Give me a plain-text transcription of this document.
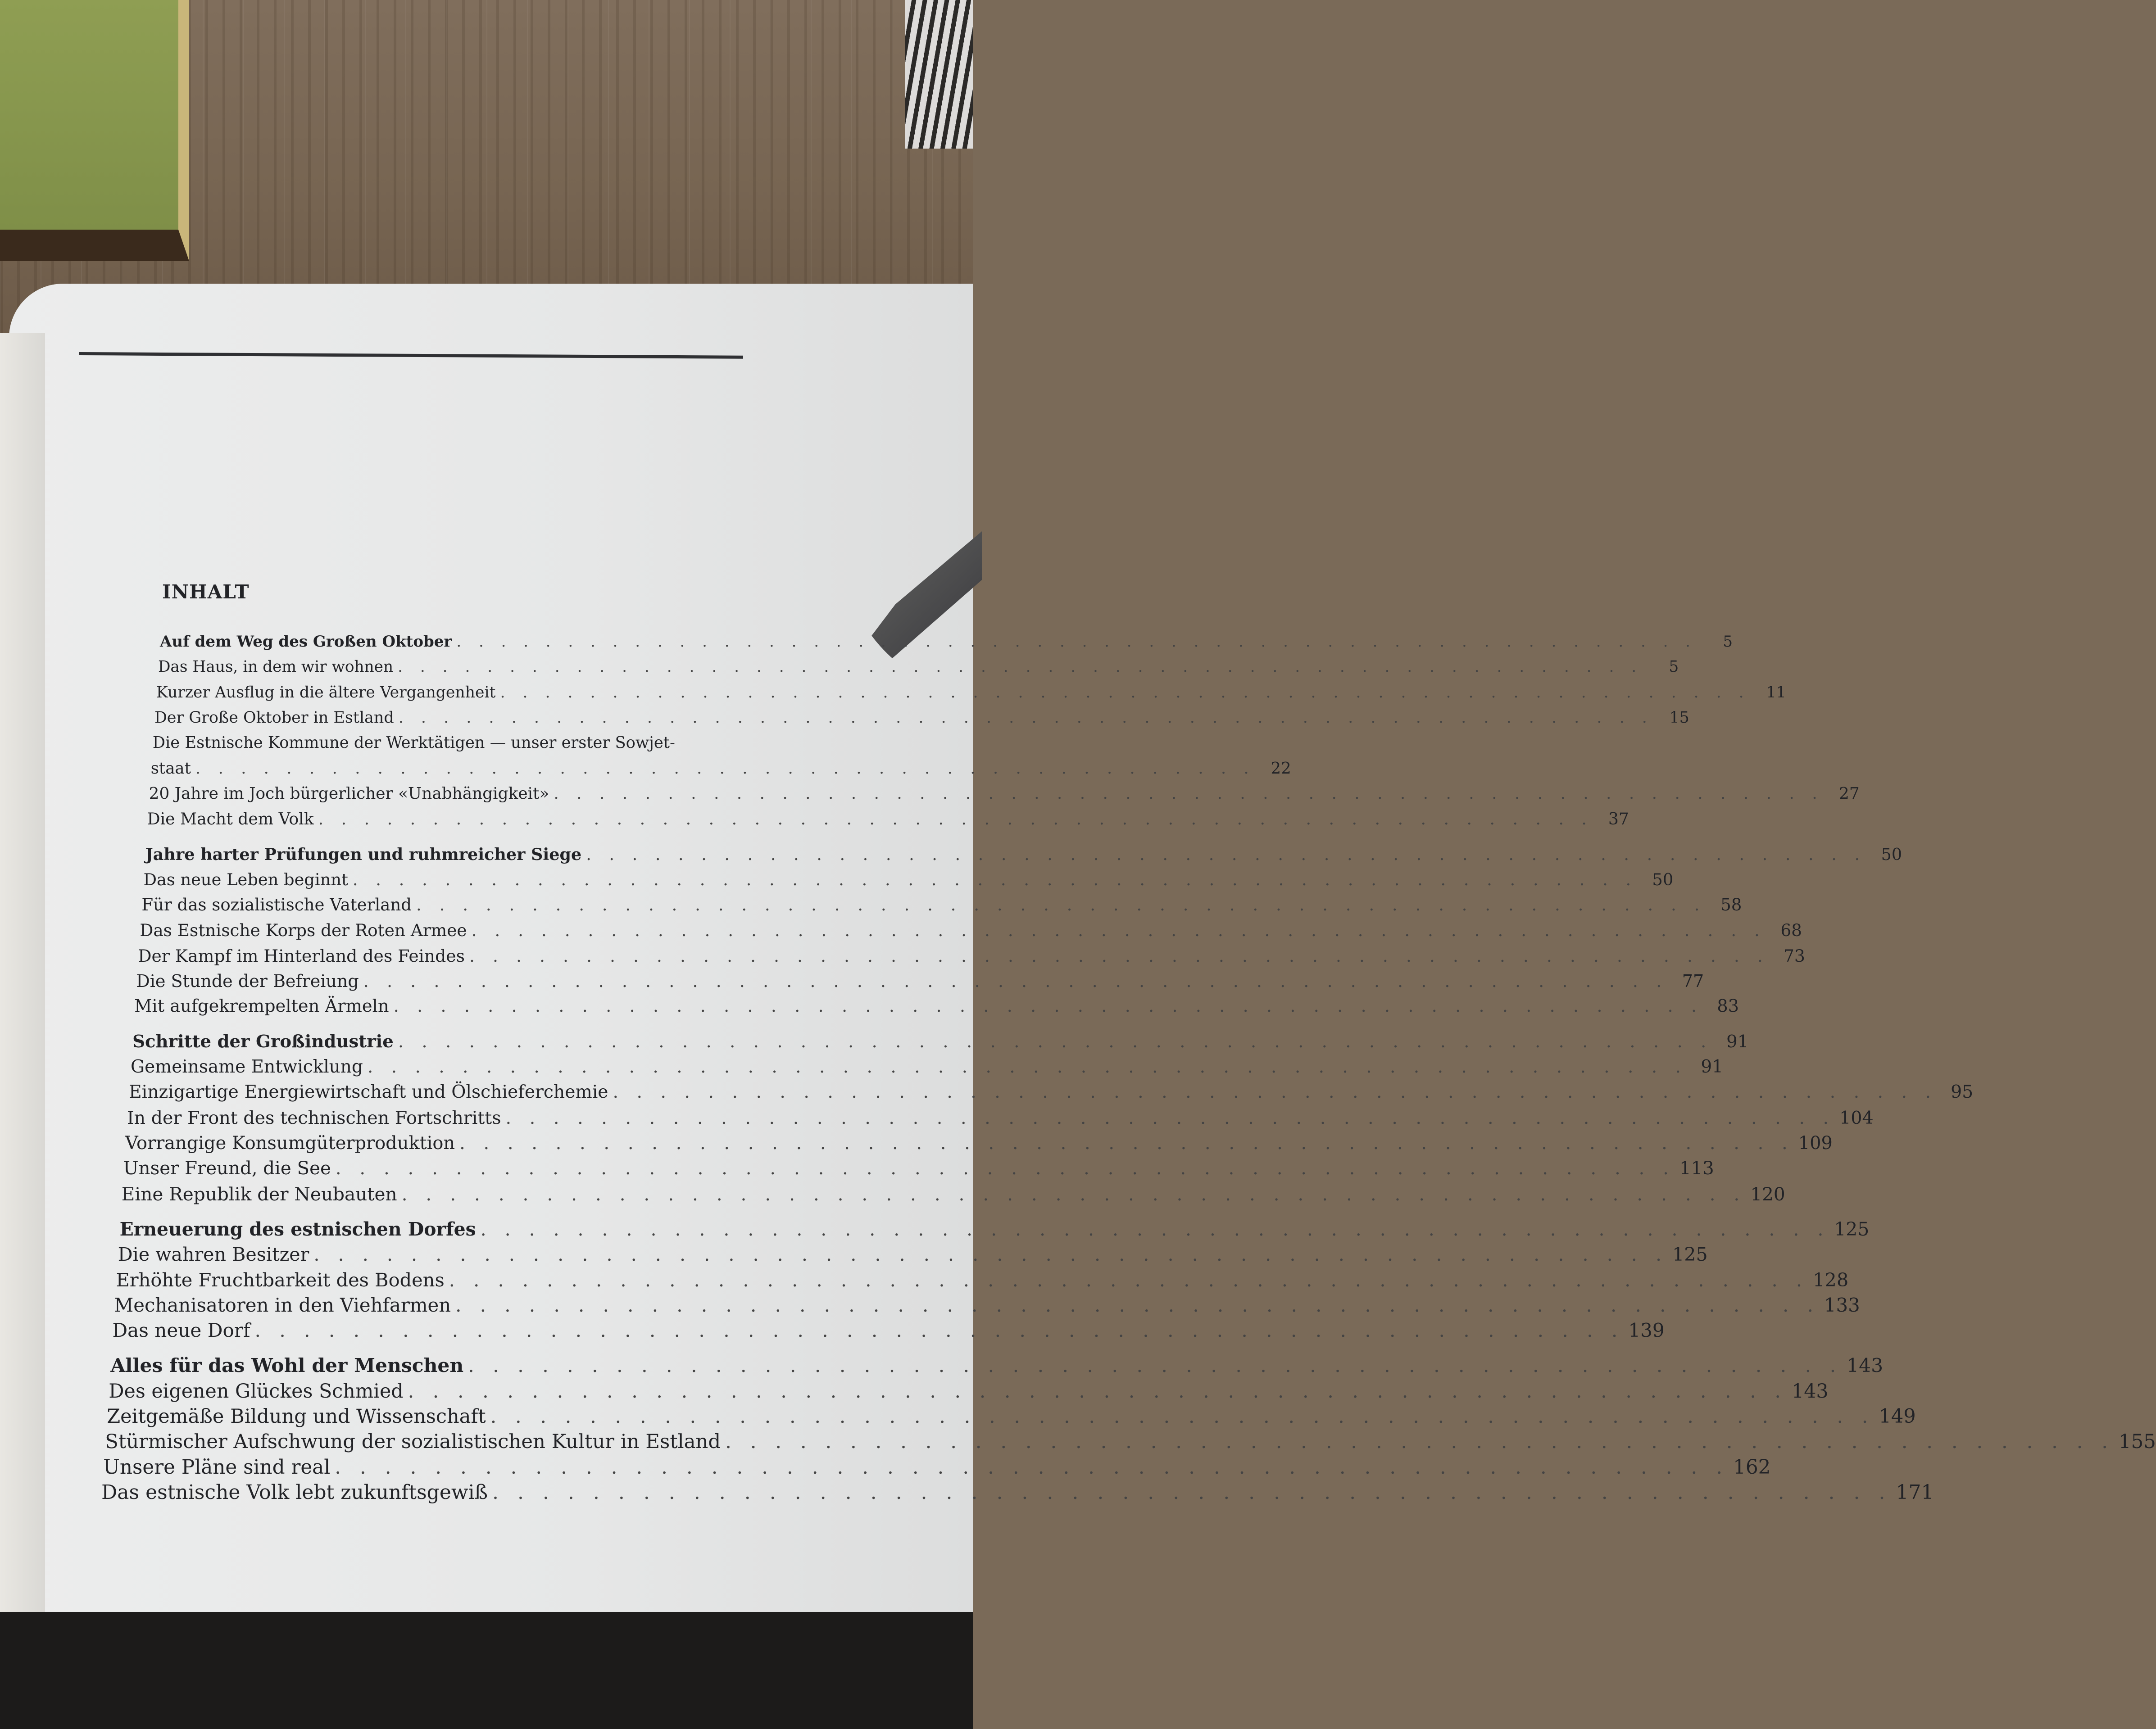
INHALT
Auf dem Weg des Großen Oktober . . .	5
Das Haus, in dem wir wohnen . . .	5
Kurzer Ausflug in die ältere Vergangenheit . . .	11
Der Große Oktober in Estland . . .	15
Die Estnische Kommune der Werktätigen — unser erster Sowjet-
staat . . . . . . . . . . . . . . . . . . . . . . . . . . . . . . . . . . . . . . . . . . . . . . . 22
20 Jahre im Joch bürgerlicher «Unabhängigkeit» . . .	27
Die Macht dem Volk . . .	37
Jahre harter Prüfungen und ruhmreicher Siege . . .	50
Das neue Leben beginnt . . .	50
Für das sozialistische Vaterland . . .	58
Das Estnische Korps der Roten Armee . . .	68
Der Kampf im Hinterland des Feindes . . .	73
Die Stunde der Befreiung . . .	77
Mit aufgekrempelten Ärmeln . . .	83
Schritte der Großindustrie . . .	91
Gemeinsame Entwicklung . . .	91
Einzigartige Energiewirtschaft und Ölschieferchemie . . .	95
In der Front des technischen Fortschritts . . .	104
Vorrangige Konsumgüterproduktion . . .	109
Unser Freund, die See . . .	113
Eine Republik der Neubauten . . .	120
Erneuerung des estnischen Dorfes . . .	125
Die wahren Besitzer . . .	125
Erhöhte Fruchtbarkeit des Bodens . . .	128
Mechanisatoren in den Viehfarmen . . .	133
Das neue Dorf . . .	139
Alles für das Wohl der Menschen . . .	143
Des eigenen Glückes Schmied . . .	143
Zeitgemäße Bildung und Wissenschaft . . .	149
Stürmischer Aufschwung der sozialistischen Kultur in Estland . . .	155
Unsere Pläne sind real . . .	162
Das estnische Volk lebt zukunftsgewiß . . .	171
